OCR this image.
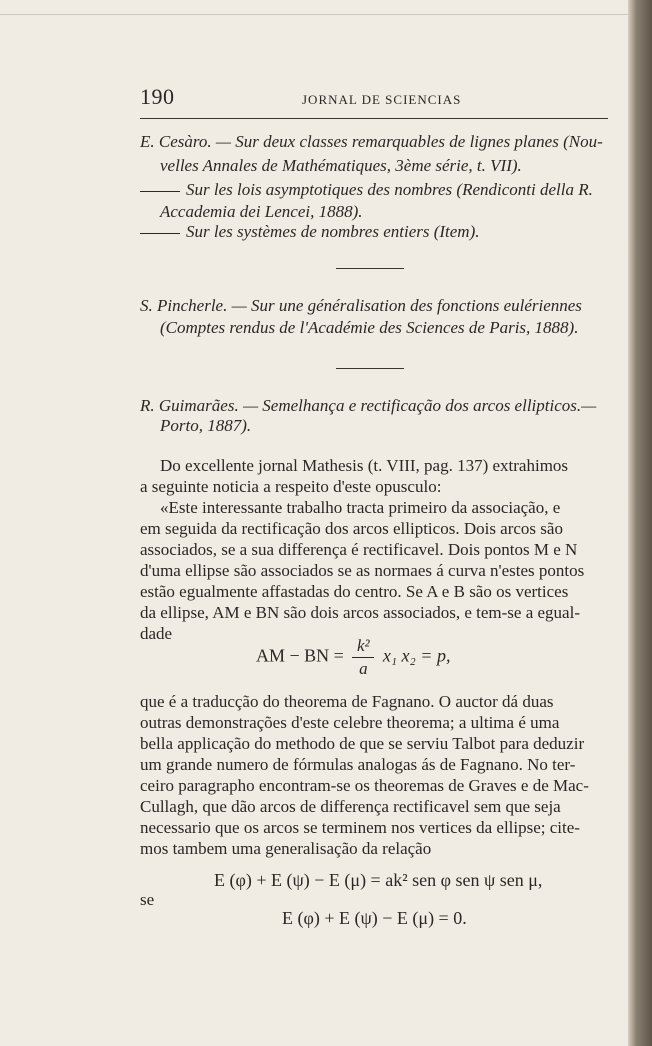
190	JORNAL DE SCIENCIAS
E. Cesàro. — Sur deux classes remarquables de lignes planes (Nou-
velles Annales de Mathématiques, 3ème série, t. VII).
Sur les lois asymptotiques des nombres (Rendiconti della R.
Accademia dei Lencei, 1888).
Sur les systèmes de nombres entiers (Item).
S. Pincherle. — Sur une généralisation des fonctions eulériennes
(Comptes rendus de l'Académie des Sciences de Paris, 1888).
R. Guimarães. — Semelhança e rectificação dos arcos ellipticos.—
Porto, 1887).
Do excellente jornal Mathesis (t. VIII, pag. 137) extrahimos
a seguinte noticia a respeito d'este opusculo:
«Este interessante trabalho tracta primeiro da associação, e
em seguida da rectificação dos arcos ellipticos. Dois arcos são
associados, se a sua differença é rectificavel. Dois pontos M e N
d'uma ellipse são associados se as normaes á curva n'estes pontos
estão egualmente affastadas do centro. Se A e B são os vertices
da ellipse, AM e BN são dois arcos associados, e tem-se a egual-
dade
AM − BN = $\frac{\text{k²}}{a} x_1$ x₂ = p,
que é a traducção do theorema de Fagnano. O auctor dá duas
outras demonstrações d'este celebre theorema; a ultima é uma
bella applicação do methodo de que se serviu Talbot para deduzir
um grande numero de fórmulas analogas ás de Fagnano. No ter-
ceiro paragrapho encontram-se os theoremas de Graves e de Mac-
Cullagh, que dão arcos de differença rectificavel sem que seja
necessario que os arcos se terminem nos vertices da ellipse; cite-
mos tambem uma generalisação da relação
E (φ) + E (ψ) − E (μ) = ak² sen φ sen ψ sen μ,
se
E (φ) + E (ψ) − E (μ) = 0.
